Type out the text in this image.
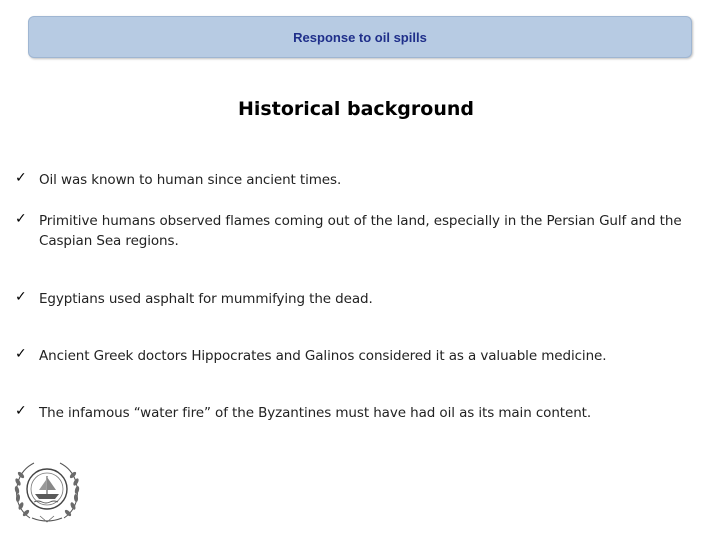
Response to oil spills
Historical background
✓ Oil was known to human since ancient times.
✓ Primitive humans observed flames coming out of the land, especially in the Persian Gulf and the Caspian Sea regions.
✓ Egyptians used asphalt for mummifying the dead.
✓ Ancient Greek doctors Hippocrates and Galinos considered it as a valuable medicine.
✓ The infamous “water fire” of the Byzantines must have had oil as its main content.
